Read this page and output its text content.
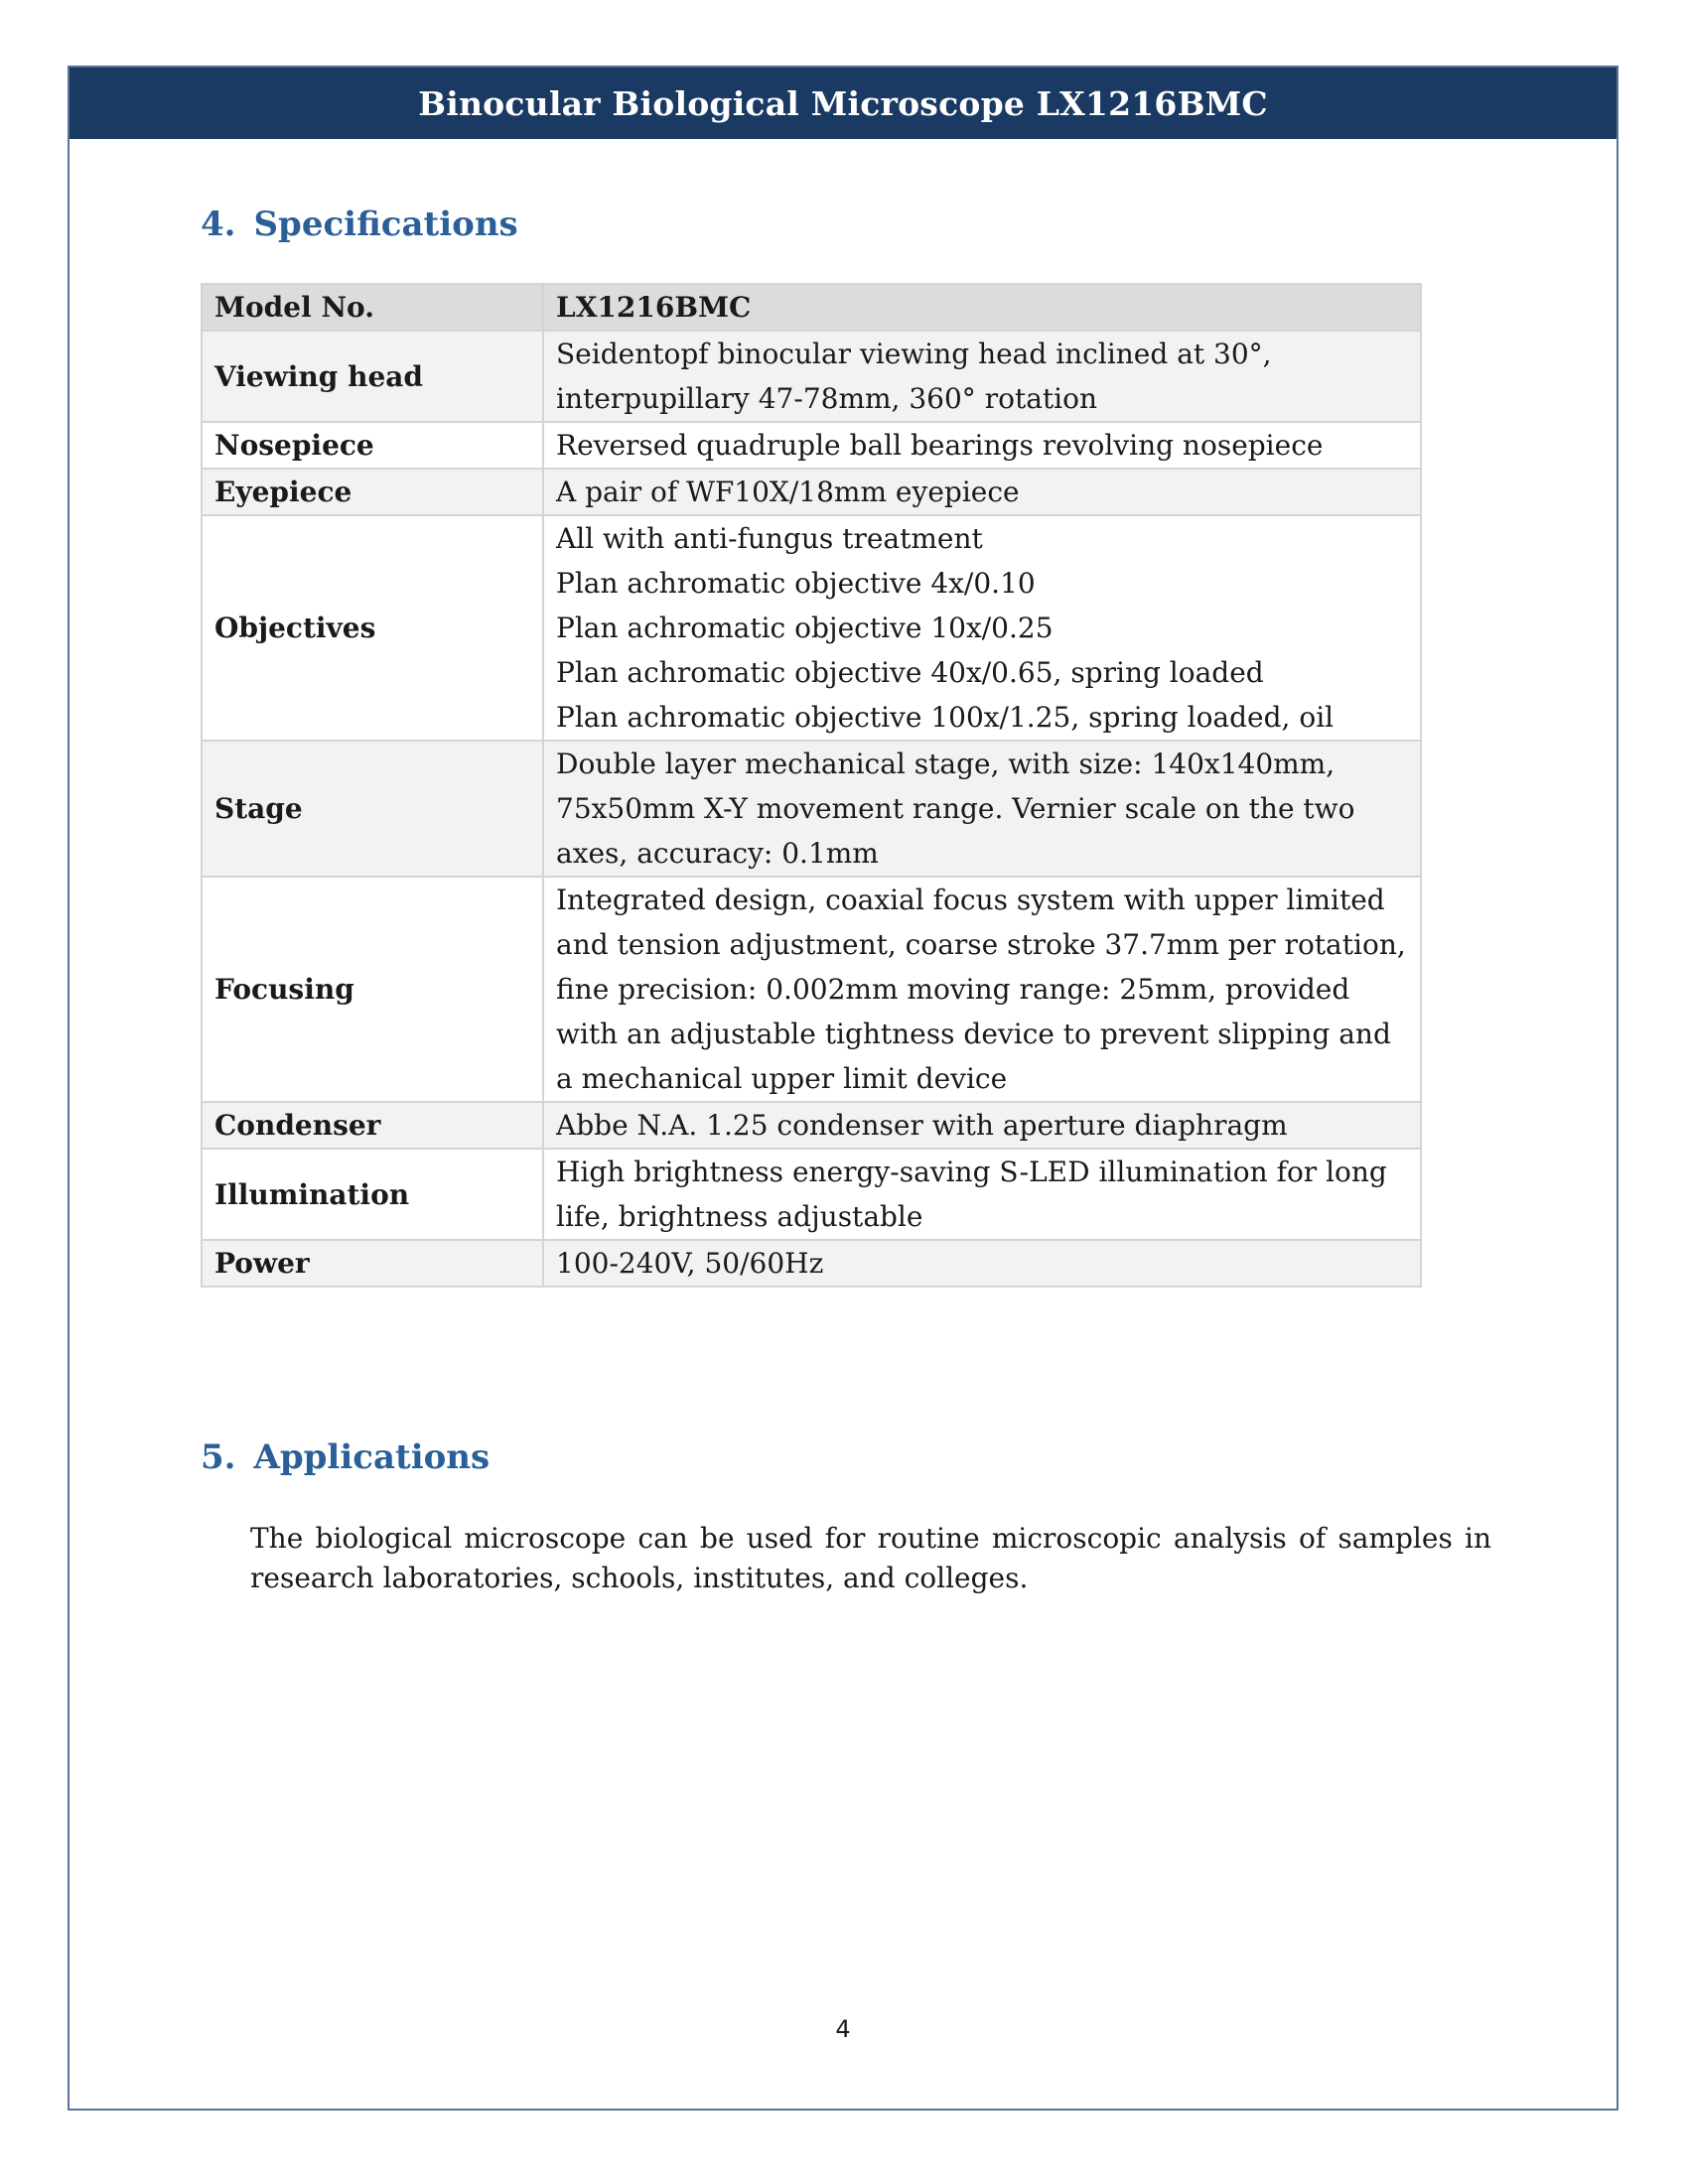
Binocular Biological Microscope LX1216BMC
4. Specifications
Model No.	LX1216BMC

Viewing head	Seidentopf binocular viewing head inclined at 30°,
interpupillary 47-78mm, 360° rotation

Nosepiece	Reversed quadruple ball bearings revolving nosepiece

Eyepiece	A pair of WF10X/18mm eyepiece

Objectives	All with anti-fungus treatment
Plan achromatic objective 4x/0.10
Plan achromatic objective 10x/0.25
Plan achromatic objective 40x/0.65, spring loaded
Plan achromatic objective 100x/1.25, spring loaded, oil

Stage	Double layer mechanical stage, with size: 140x140mm,
75x50mm X-Y movement range. Vernier scale on the two
axes, accuracy: 0.1mm

Focusing	Integrated design, coaxial focus system with upper limited
and tension adjustment, coarse stroke 37.7mm per rotation,
fine precision: 0.002mm moving range: 25mm, provided
with an adjustable tightness device to prevent slipping and
a mechanical upper limit device

Condenser	Abbe N.A. 1.25 condenser with aperture diaphragm

Illumination	High brightness energy-saving S-LED illumination for long
life, brightness adjustable

Power	100-240V, 50/60Hz
5. Applications

The biological microscope can be used for routine microscopic analysis of samples in research laboratories, schools, institutes, and colleges.

4
